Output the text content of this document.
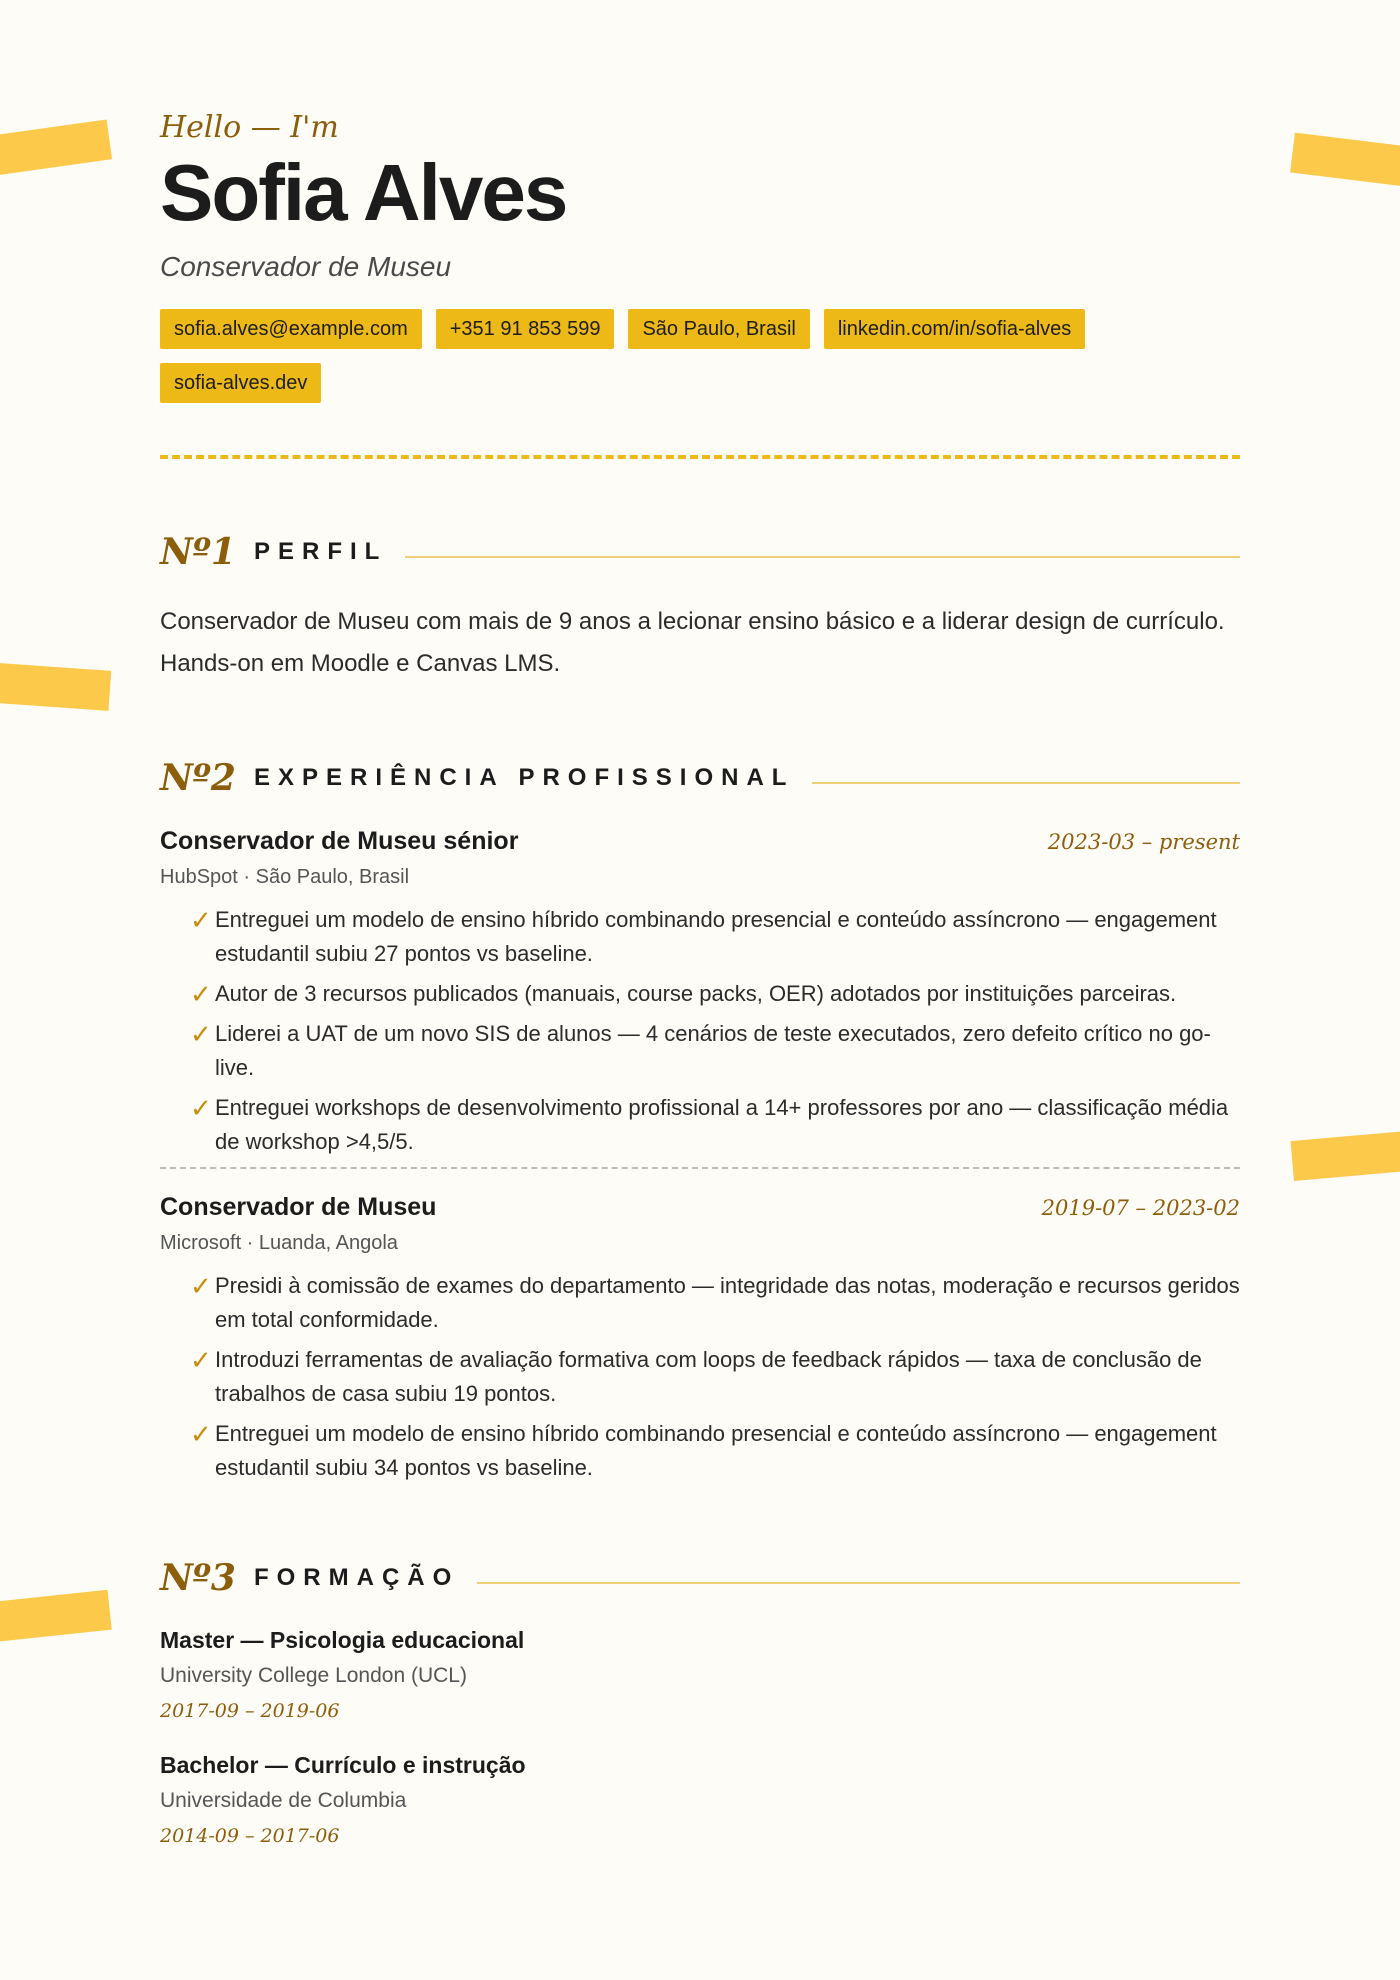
Hello — I'm

Sofia Alves

Conservador de Museu

sofia.alves@example.com	+351 91 853 599	São Paulo, Brasil	linkedin.com/in/sofia-alves
sofia-alves.dev
Nº1 PERFIL

Conservador de Museu com mais de 9 anos a lecionar ensino básico e a liderar design de currículo. Hands-on em Moodle e Canvas LMS.

Nº2 EXPERIÊNCIA PROFISSIONAL
Conservador de Museu sénior	2023-03 – present
HubSpot · São Paulo, Brasil
✓ Entreguei um modelo de ensino híbrido combinando presencial e conteúdo assíncrono — engagement estudantil subiu 27 pontos vs baseline.
✓ Autor de 3 recursos publicados (manuais, course packs, OER) adotados por instituições parceiras.
✓ Liderei a UAT de um novo SIS de alunos — 4 cenários de teste executados, zero defeito crítico no go-live.
✓ Entreguei workshops de desenvolvimento profissional a 14+ professores por ano — classificação média de workshop >4,5/5.
Conservador de Museu	2019-07 – 2023-02
Microsoft · Luanda, Angola
✓ Presidi à comissão de exames do departamento — integridade das notas, moderação e recursos geridos em total conformidade.
✓ Introduzi ferramentas de avaliação formativa com loops de feedback rápidos — taxa de conclusão de trabalhos de casa subiu 19 pontos.
✓ Entreguei um modelo de ensino híbrido combinando presencial e conteúdo assíncrono — engagement estudantil subiu 34 pontos vs baseline.
Nº3 FORMAÇÃO
Master — Psicologia educacional
University College London (UCL)
2017-09 – 2019-06
Bachelor — Currículo e instrução
Universidade de Columbia
2014-09 – 2017-06
